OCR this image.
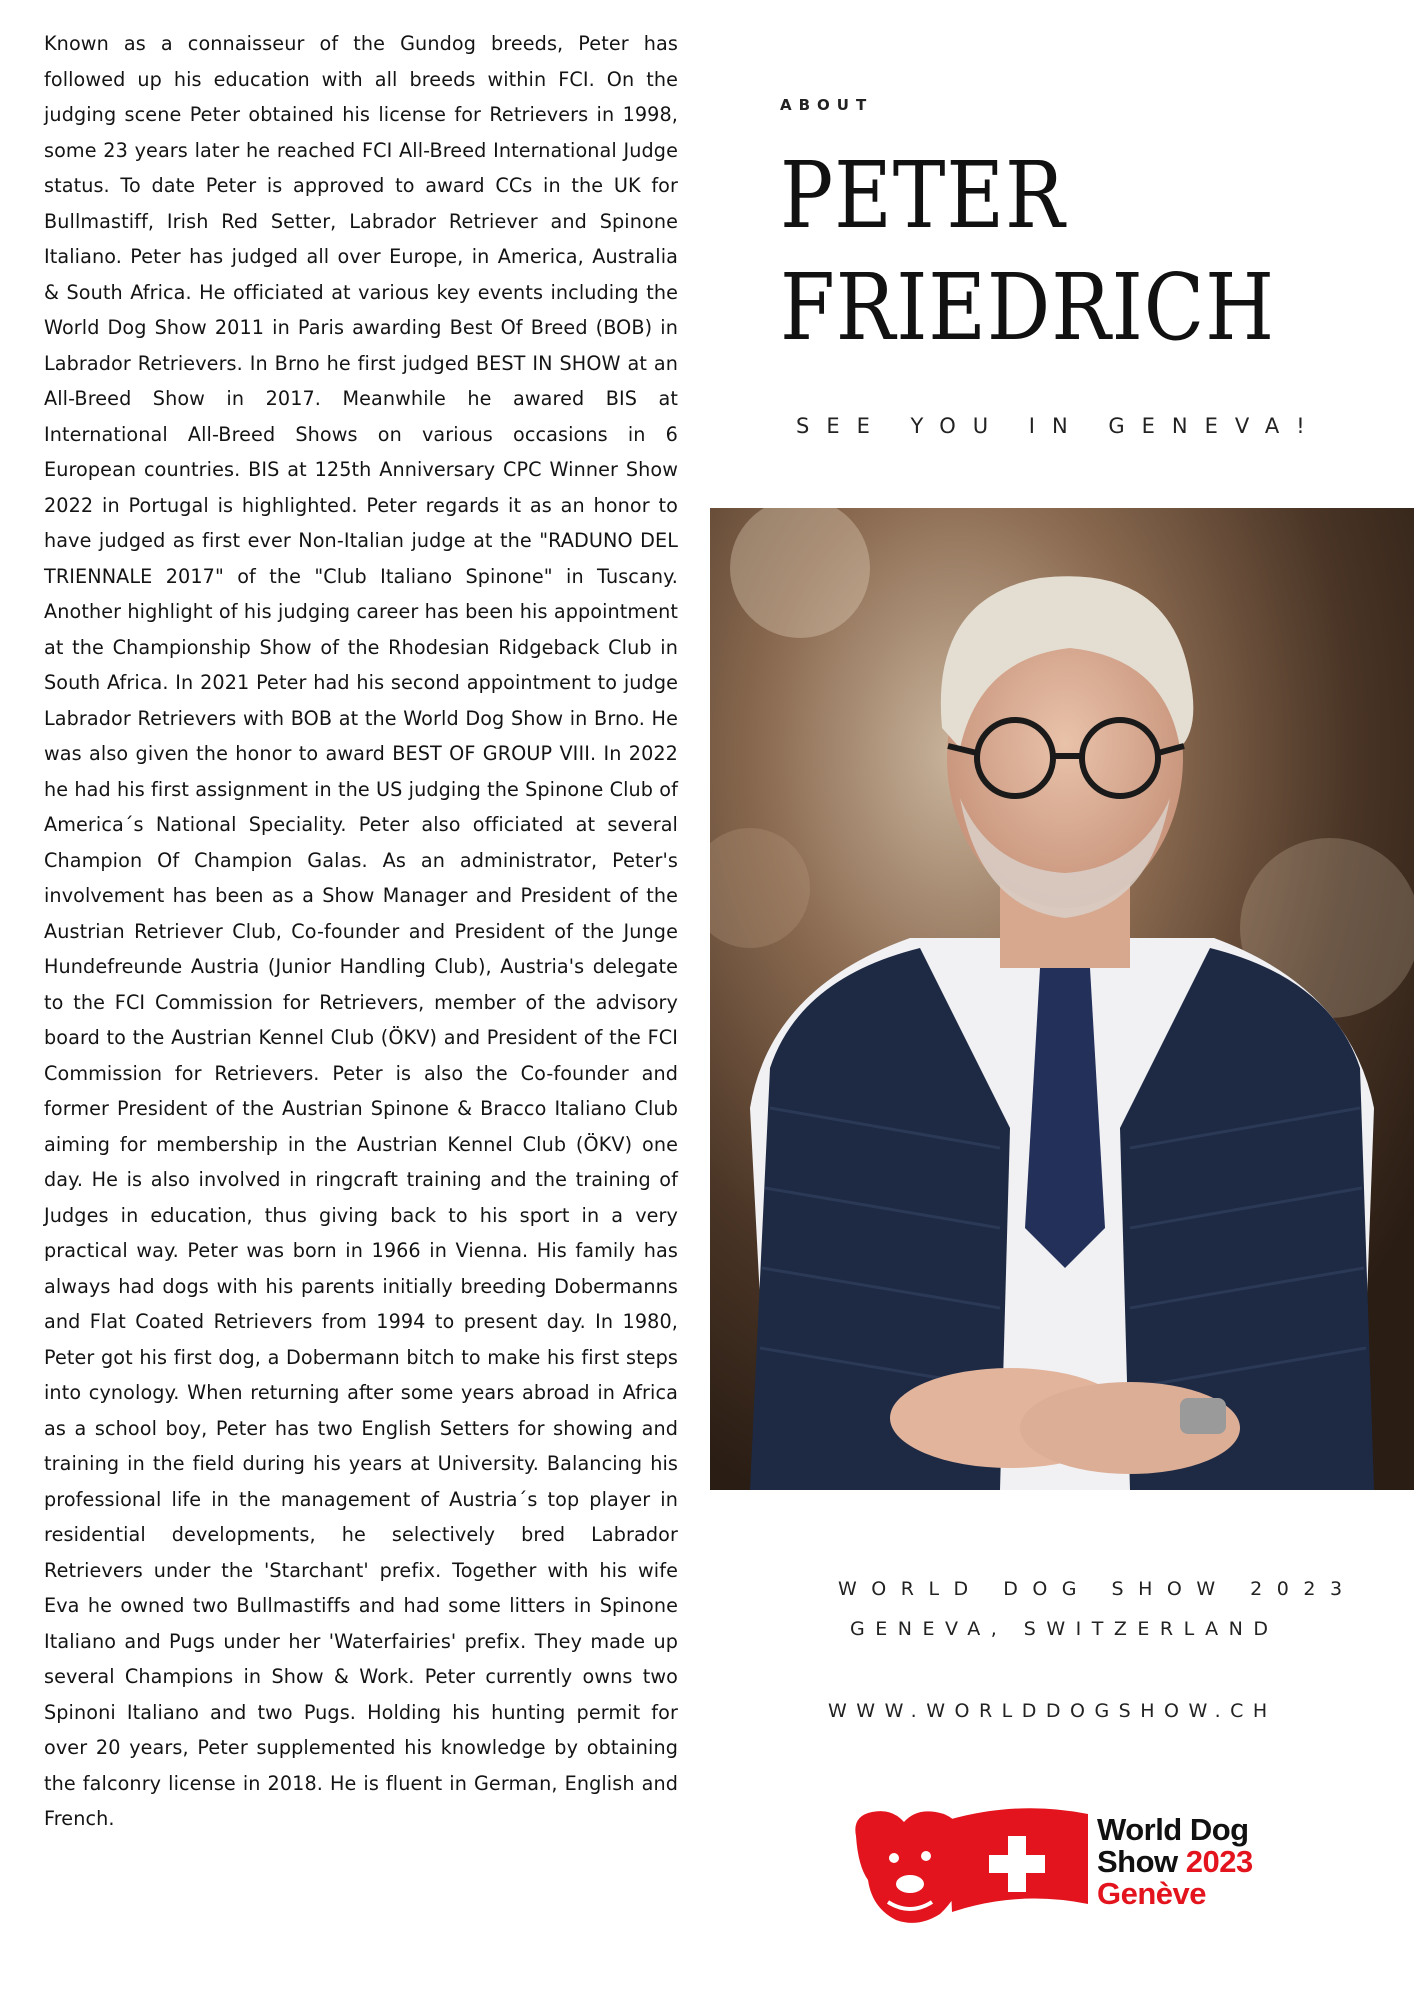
Known as a connaisseur of the Gundog breeds, Peter has followed up his education with all breeds within FCI. On the judging scene Peter obtained his license for Retrievers in 1998, some 23 years later he reached FCI All-Breed International Judge status. To date Peter is approved to award CCs in the UK for Bullmastiff, Irish Red Setter, Labrador Retriever and Spinone Italiano. Peter has judged all over Europe, in America, Australia & South Africa. He officiated at various key events including the World Dog Show 2011 in Paris awarding Best Of Breed (BOB) in Labrador Retrievers. In Brno he first judged BEST IN SHOW at an All-Breed Show in 2017. Meanwhile he awared BIS at International All-Breed Shows on various occasions in 6 European countries. BIS at 125th Anniversary CPC Winner Show 2022 in Portugal is highlighted. Peter regards it as an honor to have judged as first ever Non-Italian judge at the "RADUNO DEL TRIENNALE 2017" of the "Club Italiano Spinone" in Tuscany. Another highlight of his judging career has been his appointment at the Championship Show of the Rhodesian Ridgeback Club in South Africa. In 2021 Peter had his second appointment to judge Labrador Retrievers with BOB at the World Dog Show in Brno. He was also given the honor to award BEST OF GROUP VIII. In 2022 he had his first assignment in the US judging the Spinone Club of America´s National Speciality. Peter also officiated at several Champion Of Champion Galas. As an administrator, Peter's involvement has been as a Show Manager and President of the Austrian Retriever Club, Co-founder and President of the Junge Hundefreunde Austria (Junior Handling Club), Austria's delegate to the FCI Commission for Retrievers, member of the advisory board to the Austrian Kennel Club (ÖKV) and President of the FCI Commission for Retrievers. Peter is also the Co-founder and former President of the Austrian Spinone & Bracco Italiano Club aiming for membership in the Austrian Kennel Club (ÖKV) one day. He is also involved in ringcraft training and the training of Judges in education, thus giving back to his sport in a very practical way. Peter was born in 1966 in Vienna. His family has always had dogs with his parents initially breeding Dobermanns and Flat Coated Retrievers from 1994 to present day. In 1980, Peter got his first dog, a Dobermann bitch to make his first steps into cynology. When returning after some years abroad in Africa as a school boy, Peter has two English Setters for showing and training in the field during his years at University. Balancing his professional life in the management of Austria´s top player in residential developments, he selectively bred Labrador Retrievers under the 'Starchant' prefix. Together with his wife Eva he owned two Bullmastiffs and had some litters in Spinone Italiano and Pugs under her 'Waterfairies' prefix. They made up several Champions in Show & Work. Peter currently owns two Spinoni Italiano and two Pugs. Holding his hunting permit for over 20 years, Peter supplemented his knowledge by obtaining the falconry license in 2018. He is fluent in German, English and French.

ABOUT
PETER
FRIEDRICH
SEE YOU IN GENEVA!
WORLD DOG SHOW 2023
GENEVA, SWITZERLAND
WWW.WORLDDOGSHOW.CH
World Dog
Show 2023
Genève
